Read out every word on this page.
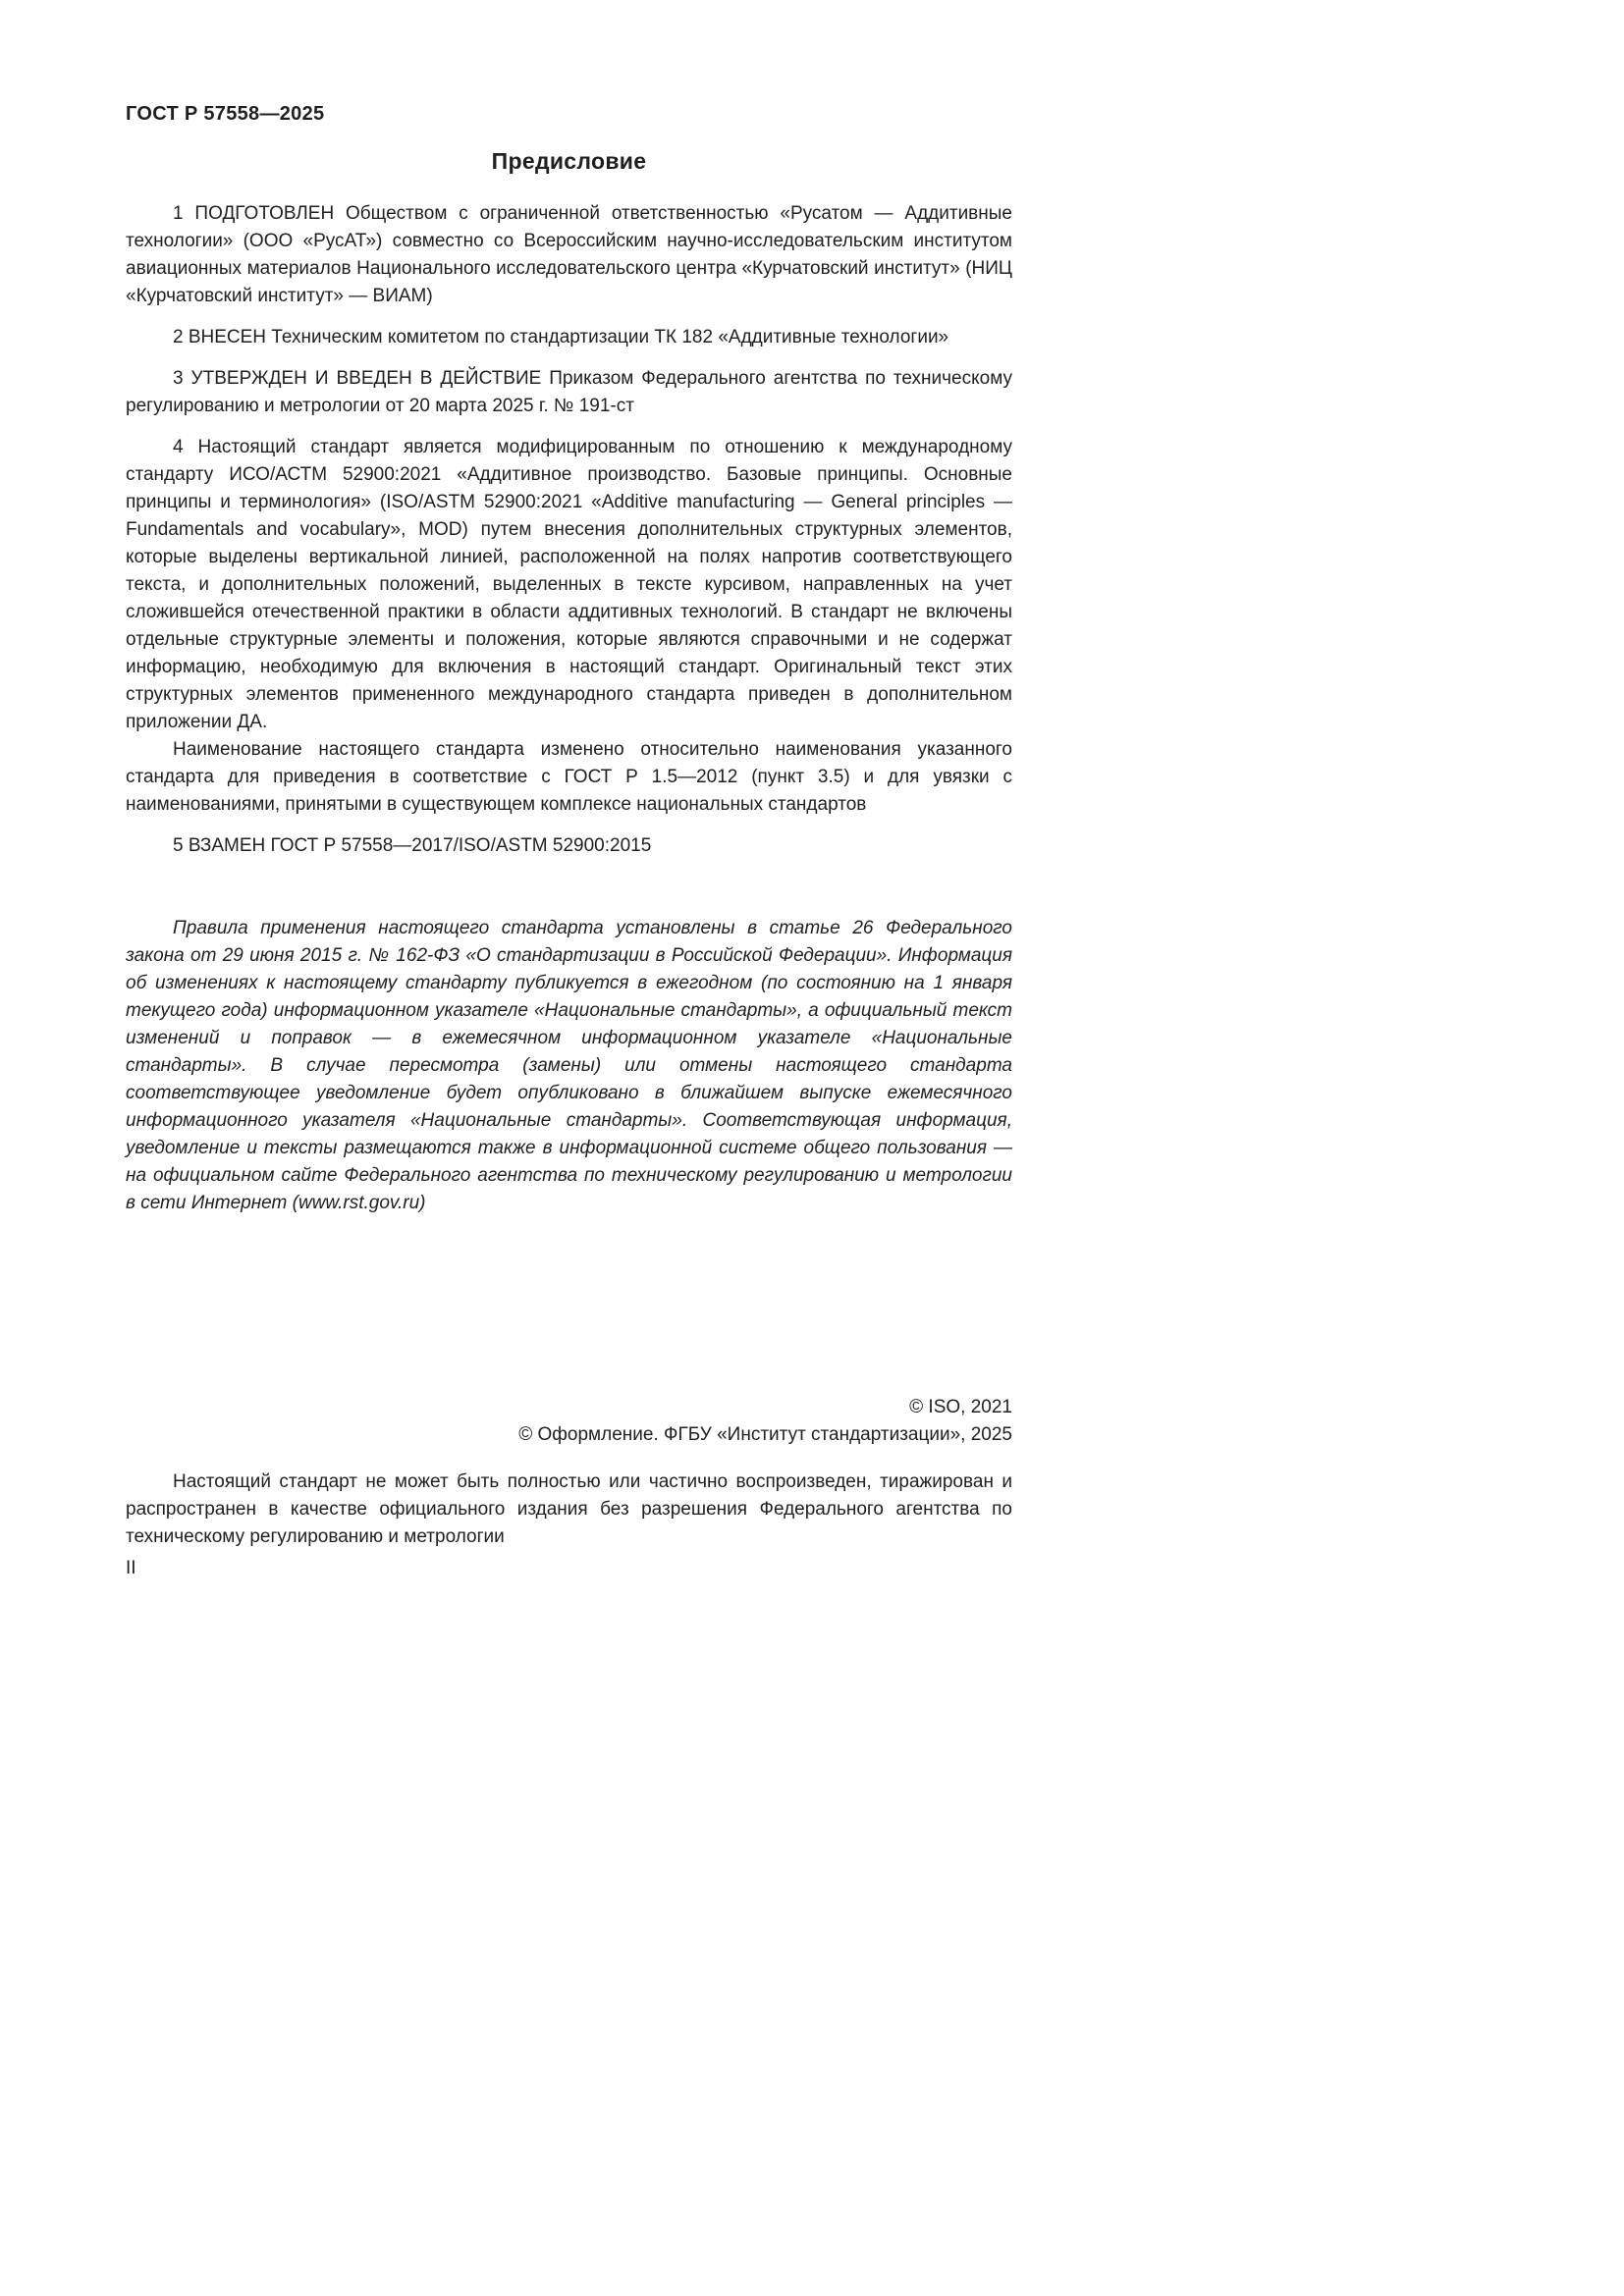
ГОСТ Р 57558—2025
Предисловие

1 ПОДГОТОВЛЕН Обществом с ограниченной ответственностью «Русатом — Аддитивные технологии» (ООО «РусАТ») совместно со Всероссийским научно-исследовательским институтом авиационных материалов Национального исследовательского центра «Курчатовский институт» (НИЦ «Курчатовский институт» — ВИАМ)

2 ВНЕСЕН Техническим комитетом по стандартизации ТК 182 «Аддитивные технологии»

3 УТВЕРЖДЕН И ВВЕДЕН В ДЕЙСТВИЕ Приказом Федерального агентства по техническому регулированию и метрологии от 20 марта 2025 г. № 191-ст

4 Настоящий стандарт является модифицированным по отношению к международному стандарту ИСО/АСТМ 52900:2021 «Аддитивное производство. Базовые принципы. Основные принципы и терминология» (ISO/ASTM 52900:2021 «Additive manufacturing — General principles — Fundamentals and vocabulary», MOD) путем внесения дополнительных структурных элементов, которые выделены вертикальной линией, расположенной на полях напротив соответствующего текста, и дополнительных положений, выделенных в тексте курсивом, направленных на учет сложившейся отечественной практики в области аддитивных технологий. В стандарт не включены отдельные структурные элементы и положения, которые являются справочными и не содержат информацию, необходимую для включения в настоящий стандарт. Оригинальный текст этих структурных элементов примененного международного стандарта приведен в дополнительном приложении ДА.

Наименование настоящего стандарта изменено относительно наименования указанного стандарта для приведения в соответствие с ГОСТ Р 1.5—2012 (пункт 3.5) и для увязки с наименованиями, принятыми в существующем комплексе национальных стандартов

5 ВЗАМЕН ГОСТ Р 57558—2017/ISO/ASTM 52900:2015

Правила применения настоящего стандарта установлены в статье 26 Федерального закона от 29 июня 2015 г. № 162-ФЗ «О стандартизации в Российской Федерации». Информация об изменениях к настоящему стандарту публикуется в ежегодном (по состоянию на 1 января текущего года) информационном указателе «Национальные стандарты», а официальный текст изменений и поправок — в ежемесячном информационном указателе «Национальные стандарты». В случае пересмотра (замены) или отмены настоящего стандарта соответствующее уведомление будет опубликовано в ближайшем выпуске ежемесячного информационного указателя «Национальные стандарты». Соответствующая информация, уведомление и тексты размещаются также в информационной системе общего пользования — на официальном сайте Федерального агентства по техническому регулированию и метрологии в сети Интернет (www.rst.gov.ru)

© ISO, 2021

© Оформление. ФГБУ «Институт стандартизации», 2025

Настоящий стандарт не может быть полностью или частично воспроизведен, тиражирован и распространен в качестве официального издания без разрешения Федерального агентства по техническому регулированию и метрологии

II
